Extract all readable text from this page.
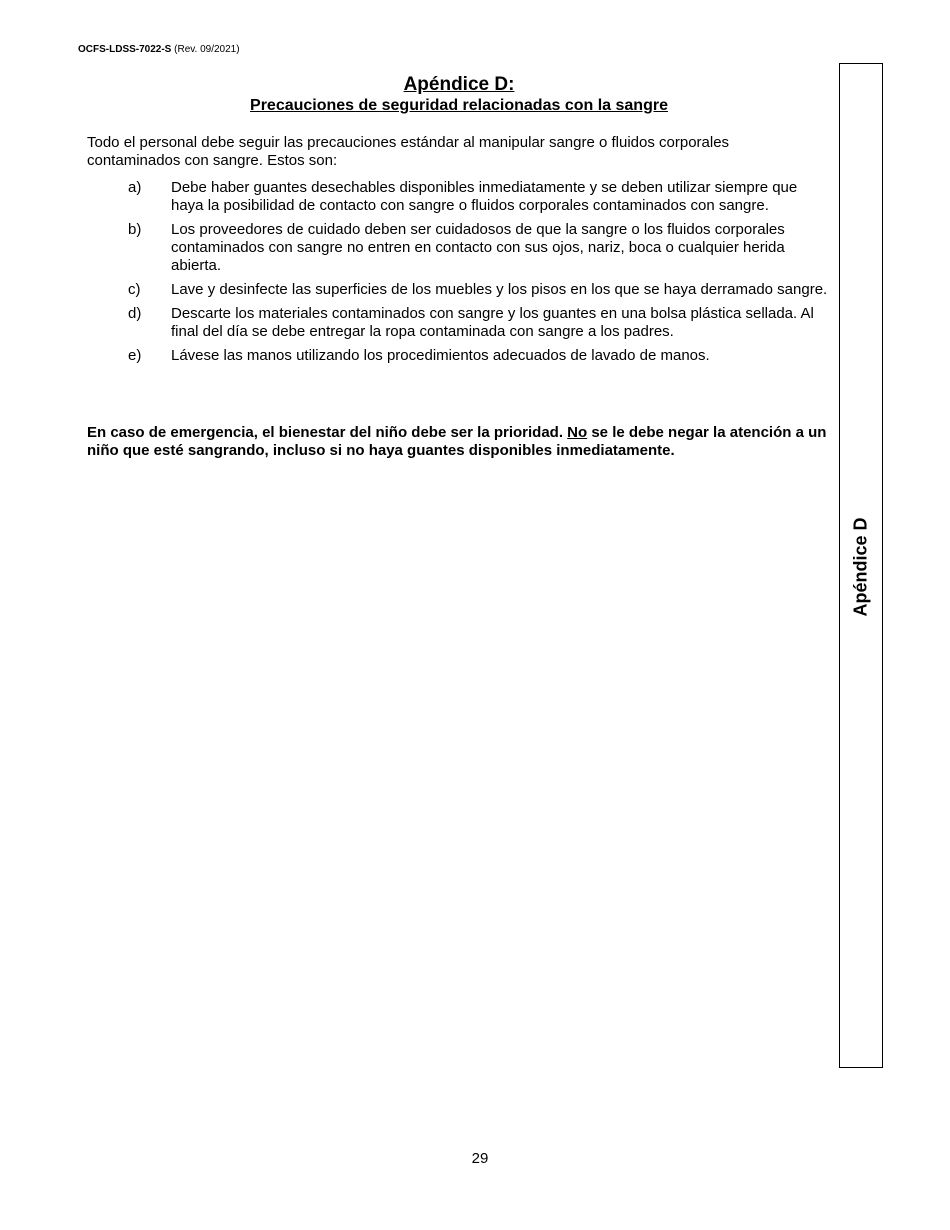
OCFS-LDSS-7022-S (Rev. 09/2021)
Apéndice D:
Precauciones de seguridad relacionadas con la sangre
Todo el personal debe seguir las precauciones estándar al manipular sangre o fluidos corporales contaminados con sangre. Estos son:
a)	Debe haber guantes desechables disponibles inmediatamente y se deben utilizar siempre que haya la posibilidad de contacto con sangre o fluidos corporales contaminados con sangre.
b)	Los proveedores de cuidado deben ser cuidadosos de que la sangre o los fluidos corporales contaminados con sangre no entren en contacto con sus ojos, nariz, boca o cualquier herida abierta.
c)	Lave y desinfecte las superficies de los muebles y los pisos en los que se haya derramado sangre.
d)	Descarte los materiales contaminados con sangre y los guantes en una bolsa plástica sellada. Al final del día se debe entregar la ropa contaminada con sangre a los padres.
e)	Lávese las manos utilizando los procedimientos adecuados de lavado de manos.
En caso de emergencia, el bienestar del niño debe ser la prioridad. No se le debe negar la atención a un niño que esté sangrando, incluso si no haya guantes disponibles inmediatamente.
Apéndice D
29
